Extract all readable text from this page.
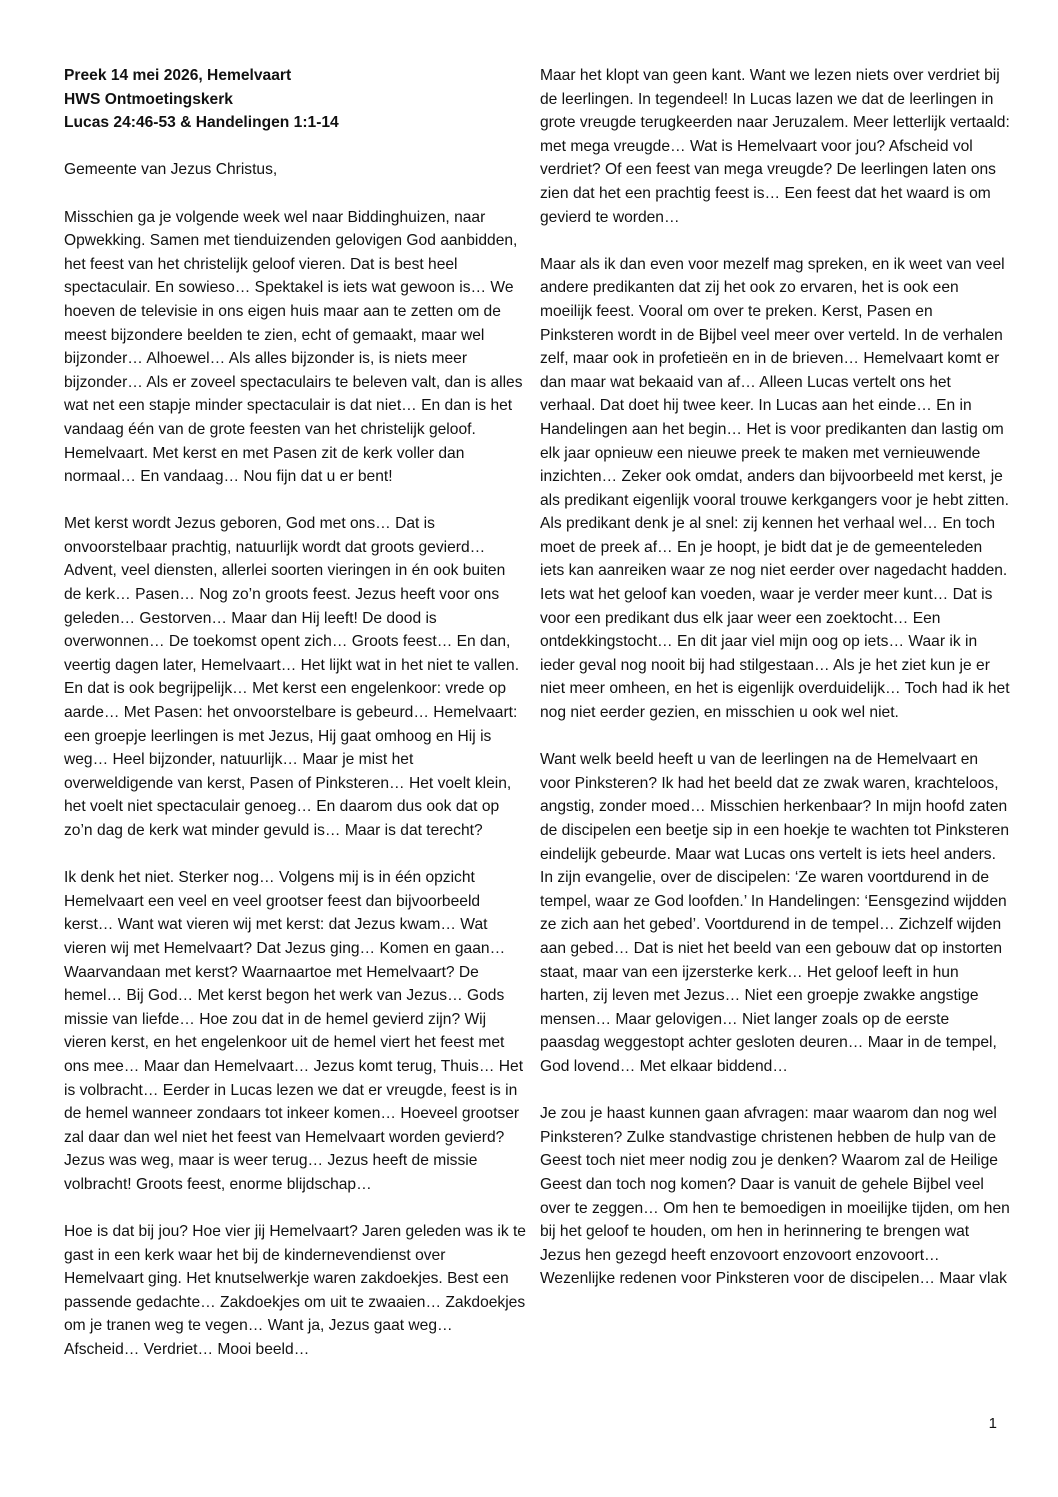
Preek 14 mei 2026, Hemelvaart

HWS Ontmoetingskerk

Lucas 24:46-53 & Handelingen 1:1-14

Gemeente van Jezus Christus,

Misschien ga je volgende week wel naar Biddinghuizen, naar Opwekking. Samen met tienduizenden gelovigen God aanbidden, het feest van het christelijk geloof vieren. Dat is best heel spectaculair. En sowieso… Spektakel is iets wat gewoon is… We hoeven de televisie in ons eigen huis maar aan te zetten om de meest bijzondere beelden te zien, echt of gemaakt, maar wel bijzonder… Alhoewel… Als alles bijzonder is, is niets meer bijzonder… Als er zoveel spectaculairs te beleven valt, dan is alles wat net een stapje minder spectaculair is dat niet… En dan is het vandaag één van de grote feesten van het christelijk geloof. Hemelvaart. Met kerst en met Pasen zit de kerk voller dan normaal… En vandaag… Nou fijn dat u er bent!

Met kerst wordt Jezus geboren, God met ons… Dat is onvoorstelbaar prachtig, natuurlijk wordt dat groots gevierd… Advent, veel diensten, allerlei soorten vieringen in én ook buiten de kerk… Pasen… Nog zo’n groots feest. Jezus heeft voor ons geleden… Gestorven… Maar dan Hij leeft! De dood is overwonnen… De toekomst opent zich… Groots feest… En dan, veertig dagen later, Hemelvaart… Het lijkt wat in het niet te vallen. En dat is ook begrijpelijk… Met kerst een engelenkoor: vrede op aarde… Met Pasen: het onvoorstelbare is gebeurd… Hemelvaart: een groepje leerlingen is met Jezus, Hij gaat omhoog en Hij is weg… Heel bijzonder, natuurlijk… Maar je mist het overweldigende van kerst, Pasen of Pinksteren… Het voelt klein, het voelt niet spectaculair genoeg… En daarom dus ook dat op zo’n dag de kerk wat minder gevuld is… Maar is dat terecht?

Ik denk het niet. Sterker nog… Volgens mij is in één opzicht Hemelvaart een veel en veel grootser feest dan bijvoorbeeld kerst… Want wat vieren wij met kerst: dat Jezus kwam… Wat vieren wij met Hemelvaart? Dat Jezus ging… Komen en gaan… Waarvandaan met kerst? Waarnaartoe met Hemelvaart? De hemel… Bij God… Met kerst begon het werk van Jezus… Gods missie van liefde… Hoe zou dat in de hemel gevierd zijn? Wij vieren kerst, en het engelenkoor uit de hemel viert het feest met ons mee… Maar dan Hemelvaart… Jezus komt terug, Thuis… Het is volbracht… Eerder in Lucas lezen we dat er vreugde, feest is in de hemel wanneer zondaars tot inkeer komen… Hoeveel grootser zal daar dan wel niet het feest van Hemelvaart worden gevierd? Jezus was weg, maar is weer terug… Jezus heeft de missie volbracht! Groots feest, enorme blijdschap…

Hoe is dat bij jou? Hoe vier jij Hemelvaart? Jaren geleden was ik te gast in een kerk waar het bij de kindernevendienst over Hemelvaart ging. Het knutselwerkje waren zakdoekjes. Best een passende gedachte… Zakdoekjes om uit te zwaaien… Zakdoekjes om je tranen weg te vegen… Want ja, Jezus gaat weg… Afscheid… Verdriet… Mooi beeld…

Maar het klopt van geen kant. Want we lezen niets over verdriet bij de leerlingen. In tegendeel! In Lucas lazen we dat de leerlingen in grote vreugde terugkeerden naar Jeruzalem. Meer letterlijk vertaald: met mega vreugde… Wat is Hemelvaart voor jou? Afscheid vol verdriet? Of een feest van mega vreugde? De leerlingen laten ons zien dat het een prachtig feest is… Een feest dat het waard is om gevierd te worden…

Maar als ik dan even voor mezelf mag spreken, en ik weet van veel andere predikanten dat zij het ook zo ervaren, het is ook een moeilijk feest. Vooral om over te preken. Kerst, Pasen en Pinksteren wordt in de Bijbel veel meer over verteld. In de verhalen zelf, maar ook in profetieën en in de brieven… Hemelvaart komt er dan maar wat bekaaid van af… Alleen Lucas vertelt ons het verhaal. Dat doet hij twee keer. In Lucas aan het einde… En in Handelingen aan het begin… Het is voor predikanten dan lastig om elk jaar opnieuw een nieuwe preek te maken met vernieuwende inzichten… Zeker ook omdat, anders dan bijvoorbeeld met kerst, je als predikant eigenlijk vooral trouwe kerkgangers voor je hebt zitten. Als predikant denk je al snel: zij kennen het verhaal wel… En toch moet de preek af… En je hoopt, je bidt dat je de gemeenteleden iets kan aanreiken waar ze nog niet eerder over nagedacht hadden. Iets wat het geloof kan voeden, waar je verder meer kunt… Dat is voor een predikant dus elk jaar weer een zoektocht… Een ontdekkingstocht… En dit jaar viel mijn oog op iets… Waar ik in ieder geval nog nooit bij had stilgestaan… Als je het ziet kun je er niet meer omheen, en het is eigenlijk overduidelijk… Toch had ik het nog niet eerder gezien, en misschien u ook wel niet.

Want welk beeld heeft u van de leerlingen na de Hemelvaart en voor Pinksteren? Ik had het beeld dat ze zwak waren, krachteloos, angstig, zonder moed… Misschien herkenbaar? In mijn hoofd zaten de discipelen een beetje sip in een hoekje te wachten tot Pinksteren eindelijk gebeurde. Maar wat Lucas ons vertelt is iets heel anders. In zijn evangelie, over de discipelen: ‘Ze waren voortdurend in de tempel, waar ze God loofden.’ In Handelingen: ‘Eensgezind wijdden ze zich aan het gebed’. Voortdurend in de tempel… Zichzelf wijden aan gebed… Dat is niet het beeld van een gebouw dat op instorten staat, maar van een ijzersterke kerk… Het geloof leeft in hun harten, zij leven met Jezus… Niet een groepje zwakke angstige mensen… Maar gelovigen… Niet langer zoals op de eerste paasdag weggestopt achter gesloten deuren… Maar in de tempel, God lovend… Met elkaar biddend…

Je zou je haast kunnen gaan afvragen: maar waarom dan nog wel Pinksteren? Zulke standvastige christenen hebben de hulp van de Geest toch niet meer nodig zou je denken? Waarom zal de Heilige Geest dan toch nog komen? Daar is vanuit de gehele Bijbel veel over te zeggen… Om hen te bemoedigen in moeilijke tijden, om hen bij het geloof te houden, om hen in herinnering te brengen wat Jezus hen gezegd heeft enzovoort enzovoort enzovoort… Wezenlijke redenen voor Pinksteren voor de discipelen… Maar vlak

1
